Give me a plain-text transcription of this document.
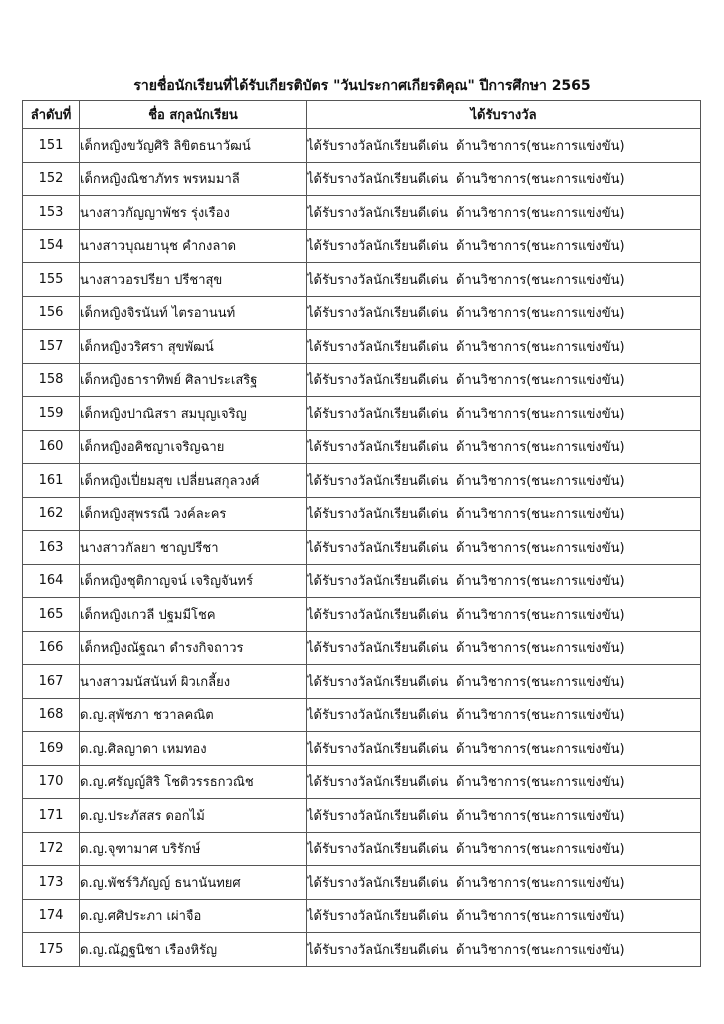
รายชื่อนักเรียนที่ได้รับเกียรติบัตร "วันประกาศเกียรติคุณ" ปีการศึกษา 2565
ลำดับที่	ชื่อ สกุลนักเรียน	ได้รับรางวัล
151	เด็กหญิงขวัญศิริ ลิขิตธนาวัฒน์	ได้รับรางวัลนักเรียนดีเด่น ด้านวิชาการ(ชนะการแข่งขัน)
152	เด็กหญิงณิชาภัทร พรหมมาลี	ได้รับรางวัลนักเรียนดีเด่น ด้านวิชาการ(ชนะการแข่งขัน)
153	นางสาวกัญญาพัชร รุ่งเรือง	ได้รับรางวัลนักเรียนดีเด่น ด้านวิชาการ(ชนะการแข่งขัน)
154	นางสาวบุณยานุช คำกงลาด	ได้รับรางวัลนักเรียนดีเด่น ด้านวิชาการ(ชนะการแข่งขัน)
155	นางสาวอรปรียา ปรีชาสุข	ได้รับรางวัลนักเรียนดีเด่น ด้านวิชาการ(ชนะการแข่งขัน)
156	เด็กหญิงจิรนันท์ ไตรอานนท์	ได้รับรางวัลนักเรียนดีเด่น ด้านวิชาการ(ชนะการแข่งขัน)
157	เด็กหญิงวริศรา สุขพัฒน์	ได้รับรางวัลนักเรียนดีเด่น ด้านวิชาการ(ชนะการแข่งขัน)
158	เด็กหญิงธาราทิพย์ ศิลาประเสริฐ	ได้รับรางวัลนักเรียนดีเด่น ด้านวิชาการ(ชนะการแข่งขัน)
159	เด็กหญิงปาณิสรา สมบุญเจริญ	ได้รับรางวัลนักเรียนดีเด่น ด้านวิชาการ(ชนะการแข่งขัน)
160	เด็กหญิงอคิชญาเจริญฉาย	ได้รับรางวัลนักเรียนดีเด่น ด้านวิชาการ(ชนะการแข่งขัน)
161	เด็กหญิงเปี่ยมสุข เปลี่ยนสกุลวงศ์	ได้รับรางวัลนักเรียนดีเด่น ด้านวิชาการ(ชนะการแข่งขัน)
162	เด็กหญิงสุพรรณี วงค์ละคร	ได้รับรางวัลนักเรียนดีเด่น ด้านวิชาการ(ชนะการแข่งขัน)
163	นางสาวกัลยา ชาญปรีชา	ได้รับรางวัลนักเรียนดีเด่น ด้านวิชาการ(ชนะการแข่งขัน)
164	เด็กหญิงชุติกาญจน์ เจริญจันทร์	ได้รับรางวัลนักเรียนดีเด่น ด้านวิชาการ(ชนะการแข่งขัน)
165	เด็กหญิงเกวลี ปฐมมีโชค	ได้รับรางวัลนักเรียนดีเด่น ด้านวิชาการ(ชนะการแข่งขัน)
166	เด็กหญิงณัฐณา ดำรงกิจถาวร	ได้รับรางวัลนักเรียนดีเด่น ด้านวิชาการ(ชนะการแข่งขัน)
167	นางสาวมนัสนันท์ ผิวเกลี้ยง	ได้รับรางวัลนักเรียนดีเด่น ด้านวิชาการ(ชนะการแข่งขัน)
168	ด.ญ.สุพัชภา ชวาลคณิต	ได้รับรางวัลนักเรียนดีเด่น ด้านวิชาการ(ชนะการแข่งขัน)
169	ด.ญ.ศิลญาดา เหมทอง	ได้รับรางวัลนักเรียนดีเด่น ด้านวิชาการ(ชนะการแข่งขัน)
170	ด.ญ.ศรัญญ์สิริ โชติวรรธกวณิช	ได้รับรางวัลนักเรียนดีเด่น ด้านวิชาการ(ชนะการแข่งขัน)
171	ด.ญ.ประภัสสร ดอกไม้	ได้รับรางวัลนักเรียนดีเด่น ด้านวิชาการ(ชนะการแข่งขัน)
172	ด.ญ.จุฑามาศ บริรักษ์	ได้รับรางวัลนักเรียนดีเด่น ด้านวิชาการ(ชนะการแข่งขัน)
173	ด.ญ.พัชร์วิภัญญ์ ธนานันทยศ	ได้รับรางวัลนักเรียนดีเด่น ด้านวิชาการ(ชนะการแข่งขัน)
174	ด.ญ.ศศิประภา เผ่าจือ	ได้รับรางวัลนักเรียนดีเด่น ด้านวิชาการ(ชนะการแข่งขัน)
175	ด.ญ.ณัฏฐนิชา เรืองหิรัญ	ได้รับรางวัลนักเรียนดีเด่น ด้านวิชาการ(ชนะการแข่งขัน)
